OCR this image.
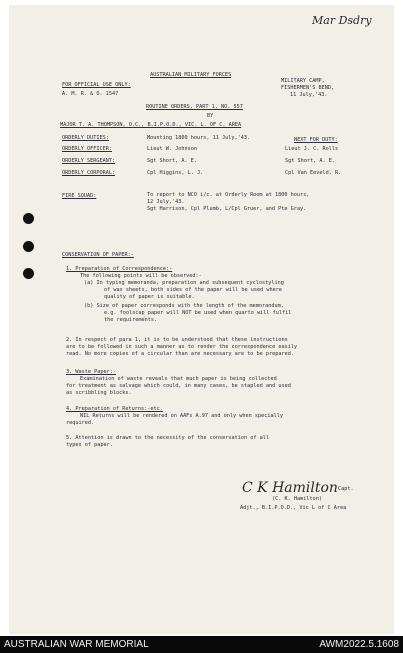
Mar Dsdry
AUSTRALIAN MILITARY FORCES
FOR OFFICIAL USE ONLY:
A. M. R. & O. 1547
MILITARY CAMP,
FISHERMEN'S BEND,
11 July,'43.
ROUTINE ORDERS, PART 1, NO. 557
BY
MAJOR T. A. THOMPSON, O.C., B.I.P.O.D., VIC. L. OF C. AREA
ORDERLY DUTIES:	Mounting 1800 hours, 11 July,'43.	NEXT FOR DUTY:
ORDERLY OFFICER:	Lieut W. Johnson	Lieut J. C. Rolls
ORDERLY SERGEANT:	Sgt Short, A. E.	Sgt Short, A. E.
ORDERLY CORPORAL:	Cpl Higgins, L. J.	Cpl Van Eeveld, R.
FIRE SQUAD:	To report to NCO i/c. at Orderly Room at 1800 hours,
12 July,'43.
Sgt Harrison, Cpl Plumb, L/Cpl Gruer, and Pte Gray.
CONSERVATION OF PAPER:-
1. Preparation of Correspondence:-
The following points will be observed:-
(a) In typing memoranda, preparation and subsequent cyclostyling
of wax sheets, both sides of the paper will be used where
quality of paper is suitable.
(b) Size of paper corresponds with the length of the memorandum,
e.g. foolscap paper will NOT be used when quarto will fulfil
the requirements.
2. In respect of para 1, it is to be understood that these instructions
are to be followed in such a manner as to render the correspondence easily
read. No more copies of a circular than are necessary are to be prepared.
3. Waste Paper:-
Examination of waste reveals that much paper is being collected
for treatment as salvage which could, in many cases, be stapled and used
as scribbling blocks.
4. Preparation of Returns:-etc.
NIL Returns will be rendered on AAFs A.97 and only when specially
required.
5. Attention is drawn to the necessity of the conservation of all
types of paper.
C K Hamilton Capt.
(C. K. Hamilton)
Adjt., B.I.P.O.D., Vic L of C Area
AUSTRALIAN WAR MEMORIAL	AWM2022.5.1608
